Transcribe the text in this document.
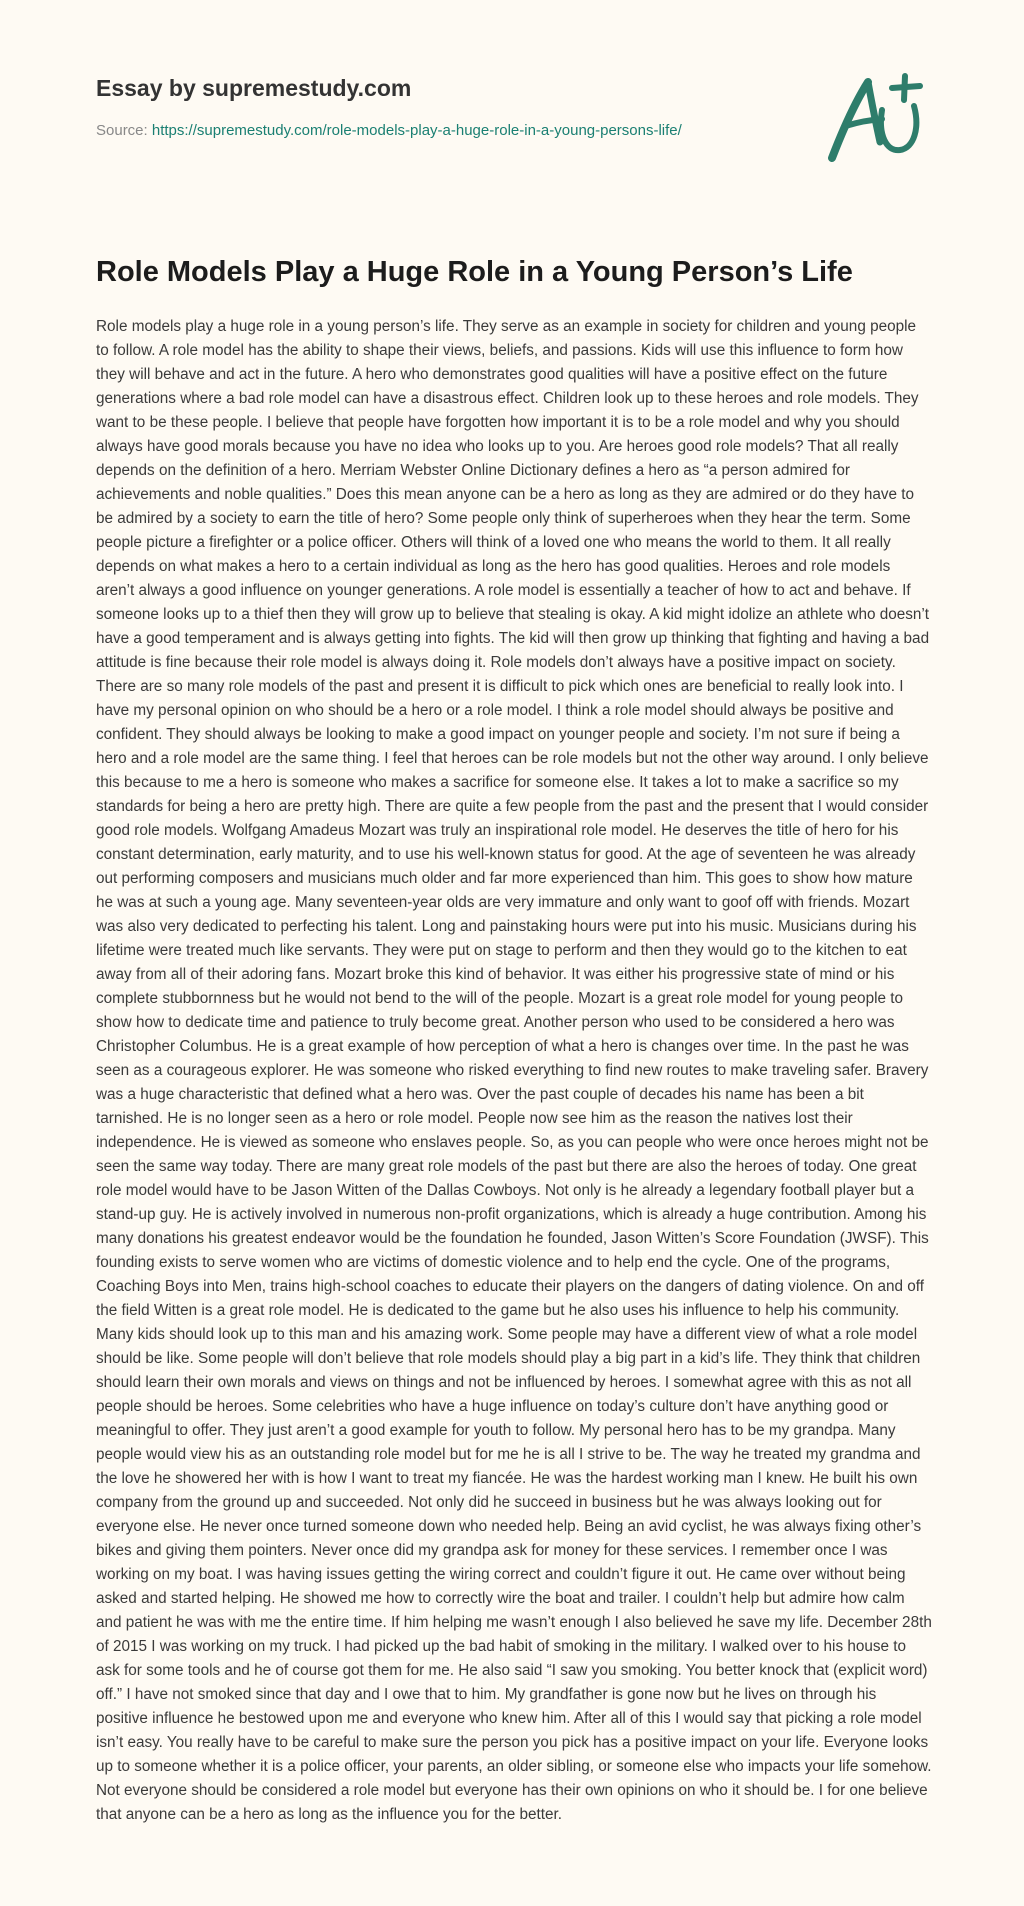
Essay by supremestudy.com
Source: https://supremestudy.com/role-models-play-a-huge-role-in-a-young-persons-life/
Role Models Play a Huge Role in a Young Person’s Life

Role models play a huge role in a young person’s life. They serve as an example in society for children and young people to follow. A role model has the ability to shape their views, beliefs, and passions. Kids will use this influence to form how they will behave and act in the future. A hero who demonstrates good qualities will have a positive effect on the future generations where a bad role model can have a disastrous effect. Children look up to these heroes and role models. They want to be these people. I believe that people have forgotten how important it is to be a role model and why you should always have good morals because you have no idea who looks up to you. Are heroes good role models? That all really depends on the definition of a hero. Merriam Webster Online Dictionary defines a hero as “a person admired for achievements and noble qualities.” Does this mean anyone can be a hero as long as they are admired or do they have to be admired by a society to earn the title of hero? Some people only think of superheroes when they hear the term. Some people picture a firefighter or a police officer. Others will think of a loved one who means the world to them. It all really depends on what makes a hero to a certain individual as long as the hero has good qualities. Heroes and role models aren’t always a good influence on younger generations. A role model is essentially a teacher of how to act and behave. If someone looks up to a thief then they will grow up to believe that stealing is okay. A kid might idolize an athlete who doesn’t have a good temperament and is always getting into fights. The kid will then grow up thinking that fighting and having a bad attitude is fine because their role model is always doing it. Role models don’t always have a positive impact on society. There are so many role models of the past and present it is difficult to pick which ones are beneficial to really look into. I have my personal opinion on who should be a hero or a role model. I think a role model should always be positive and confident. They should always be looking to make a good impact on younger people and society. I’m not sure if being a hero and a role model are the same thing. I feel that heroes can be role models but not the other way around. I only believe this because to me a hero is someone who makes a sacrifice for someone else. It takes a lot to make a sacrifice so my standards for being a hero are pretty high. There are quite a few people from the past and the present that I would consider good role models. Wolfgang Amadeus Mozart was truly an inspirational role model. He deserves the title of hero for his constant determination, early maturity, and to use his well-known status for good. At the age of seventeen he was already out performing composers and musicians much older and far more experienced than him. This goes to show how mature he was at such a young age. Many seventeen-year olds are very immature and only want to goof off with friends. Mozart was also very dedicated to perfecting his talent. Long and painstaking hours were put into his music. Musicians during his lifetime were treated much like servants. They were put on stage to perform and then they would go to the kitchen to eat away from all of their adoring fans. Mozart broke this kind of behavior. It was either his progressive state of mind or his complete stubbornness but he would not bend to the will of the people. Mozart is a great role model for young people to show how to dedicate time and patience to truly become great. Another person who used to be considered a hero was Christopher Columbus. He is a great example of how perception of what a hero is changes over time. In the past he was seen as a courageous explorer. He was someone who risked everything to find new routes to make traveling safer. Bravery was a huge characteristic that defined what a hero was. Over the past couple of decades his name has been a bit tarnished. He is no longer seen as a hero or role model. People now see him as the reason the natives lost their independence. He is viewed as someone who enslaves people. So, as you can people who were once heroes might not be seen the same way today. There are many great role models of the past but there are also the heroes of today. One great role model would have to be Jason Witten of the Dallas Cowboys. Not only is he already a legendary football player but a stand-up guy. He is actively involved in numerous non-profit organizations, which is already a huge contribution. Among his many donations his greatest endeavor would be the foundation he founded, Jason Witten’s Score Foundation (JWSF). This founding exists to serve women who are victims of domestic violence and to help end the cycle. One of the programs, Coaching Boys into Men, trains high-school coaches to educate their players on the dangers of dating violence. On and off the field Witten is a great role model. He is dedicated to the game but he also uses his influence to help his community. Many kids should look up to this man and his amazing work. Some people may have a different view of what a role model should be like. Some people will don’t believe that role models should play a big part in a kid’s life. They think that children should learn their own morals and views on things and not be influenced by heroes. I somewhat agree with this as not all people should be heroes. Some celebrities who have a huge influence on today’s culture don’t have anything good or meaningful to offer. They just aren’t a good example for youth to follow. My personal hero has to be my grandpa. Many people would view his as an outstanding role model but for me he is all I strive to be. The way he treated my grandma and the love he showered her with is how I want to treat my fiancée. He was the hardest working man I knew. He built his own company from the ground up and succeeded. Not only did he succeed in business but he was always looking out for everyone else. He never once turned someone down who needed help. Being an avid cyclist, he was always fixing other’s bikes and giving them pointers. Never once did my grandpa ask for money for these services. I remember once I was working on my boat. I was having issues getting the wiring correct and couldn’t figure it out. He came over without being asked and started helping. He showed me how to correctly wire the boat and trailer. I couldn’t help but admire how calm and patient he was with me the entire time. If him helping me wasn’t enough I also believed he save my life. December 28th of 2015 I was working on my truck. I had picked up the bad habit of smoking in the military. I walked over to his house to ask for some tools and he of course got them for me. He also said “I saw you smoking. You better knock that (explicit word) off.” I have not smoked since that day and I owe that to him. My grandfather is gone now but he lives on through his positive influence he bestowed upon me and everyone who knew him. After all of this I would say that picking a role model isn’t easy. You really have to be careful to make sure the person you pick has a positive impact on your life. Everyone looks up to someone whether it is a police officer, your parents, an older sibling, or someone else who impacts your life somehow. Not everyone should be considered a role model but everyone has their own opinions on who it should be. I for one believe that anyone can be a hero as long as the influence you for the better.
